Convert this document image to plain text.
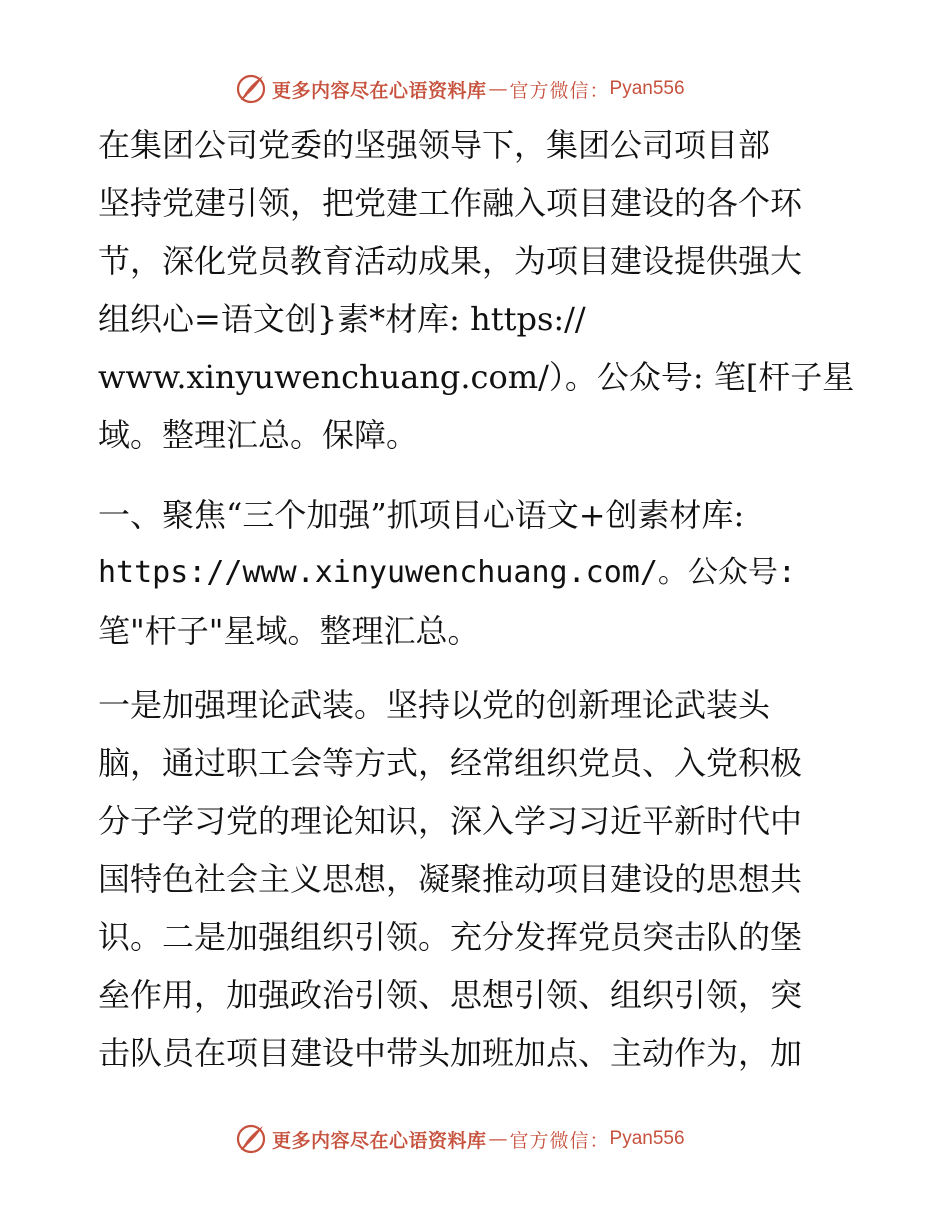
更多内容尽在心语资料库 — 官方微信： Pyan556
在集团公司党委的坚强领导下，集团公司项目部
坚持党建引领，把党建工作融入项目建设的各个环
节，深化党员教育活动成果，为项目建设提供强大
组织心=语文创}素*材库: https://
www.xinyuwenchuang.com/）。公众号: 笔[杆子星
域。整理汇总。保障。
一、聚焦“三个加强”抓项目心语文+创素材库:
https://www.xinyuwenchuang.com/。公众号:
笔"杆子"星域。整理汇总。
一是加强理论武装。坚持以党的创新理论武装头
脑，通过职工会等方式，经常组织党员、入党积极
分子学习党的理论知识，深入学习习近平新时代中
国特色社会主义思想，凝聚推动项目建设的思想共
识。二是加强组织引领。充分发挥党员突击队的堡
垒作用，加强政治引领、思想引领、组织引领，突
击队员在项目建设中带头加班加点、主动作为，加
更多内容尽在心语资料库 — 官方微信： Pyan556
